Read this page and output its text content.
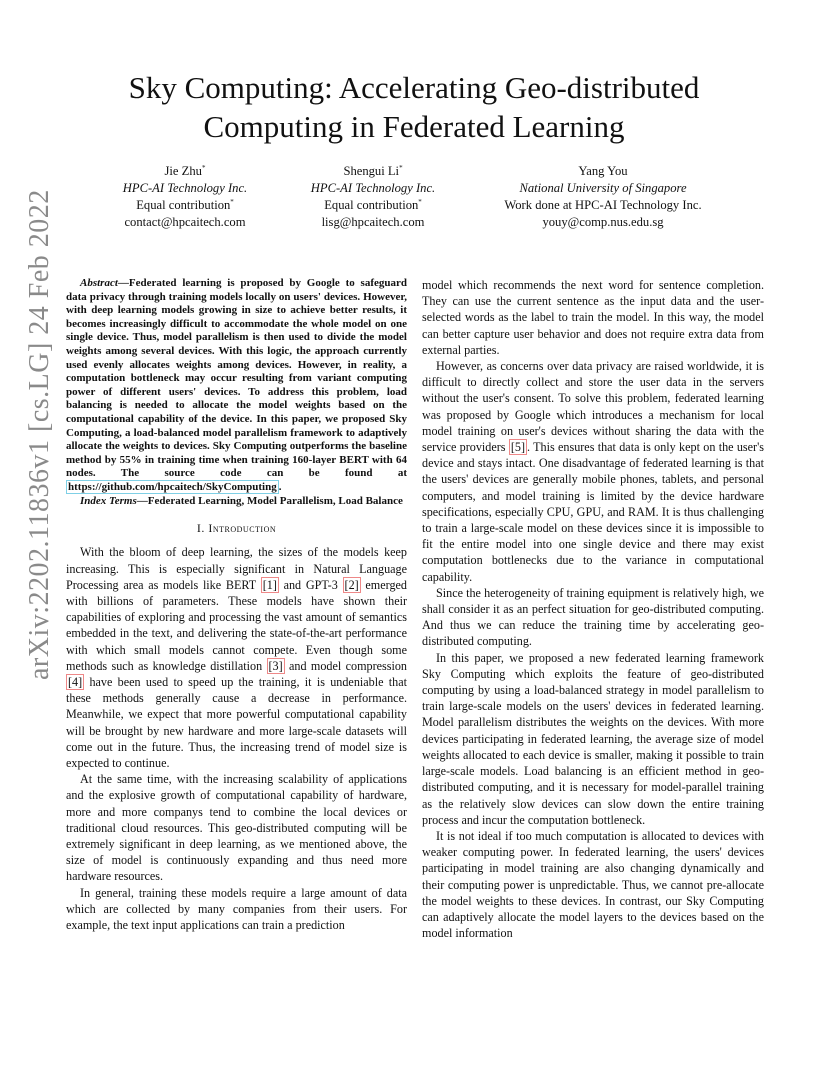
arXiv:2202.11836v1 [cs.LG] 24 Feb 2022
Sky Computing: Accelerating Geo-distributed Computing in Federated Learning
Jie Zhu*
HPC-AI Technology Inc.
Equal contribution*
contact@hpcaitech.com
Shengui Li*
HPC-AI Technology Inc.
Equal contribution*
lisg@hpcaitech.com
Yang You
National University of Singapore
Work done at HPC-AI Technology Inc.
youy@comp.nus.edu.sg

Abstract—Federated learning is proposed by Google to safeguard data privacy through training models locally on users' devices. However, with deep learning models growing in size to achieve better results, it becomes increasingly difficult to accommodate the whole model on one single device. Thus, model parallelism is then used to divide the model weights among several devices. With this logic, the approach currently used evenly allocates weights among devices. However, in reality, a computation bottleneck may occur resulting from variant computing power of different users' devices. To address this problem, load balancing is needed to allocate the model weights based on the computational capability of the device. In this paper, we proposed Sky Computing, a load-balanced model parallelism framework to adaptively allocate the weights to devices. Sky Computing outperforms the baseline method by 55% in training time when training 160-layer BERT with 64 nodes. The source code can be found at https://github.com/hpcaitech/SkyComputing .

Index Terms—Federated Learning, Model Parallelism, Load Balance

I. Introduction

With the bloom of deep learning, the sizes of the models keep increasing. This is especially significant in Natural Language Processing area as models like BERT [1] and GPT-3 [2] emerged with billions of parameters. These models have shown their capabilities of exploring and processing the vast amount of semantics embedded in the text, and delivering the state-of-the-art performance with which small models cannot compete. Even though some methods such as knowledge distillation [3] and model compression [4] have been used to speed up the training, it is undeniable that these methods generally cause a decrease in performance. Meanwhile, we expect that more powerful computational capability will be brought by new hardware and more large-scale datasets will come out in the future. Thus, the increasing trend of model size is expected to continue.

At the same time, with the increasing scalability of applications and the explosive growth of computational capability of hardware, more and more companys tend to combine the local devices or traditional cloud resources. This geo-distributed computing will be extremely significant in deep learning, as we mentioned above, the size of model is continuously expanding and thus need more hardware resources.

In general, training these models require a large amount of data which are collected by many companies from their users. For example, the text input applications can train a prediction

model which recommends the next word for sentence completion. They can use the current sentence as the input data and the user-selected words as the label to train the model. In this way, the model can better capture user behavior and does not require extra data from external parties.

However, as concerns over data privacy are raised worldwide, it is difficult to directly collect and store the user data in the servers without the user's consent. To solve this problem, federated learning was proposed by Google which introduces a mechanism for local model training on user's devices without sharing the data with the service providers [5] . This ensures that data is only kept on the user's device and stays intact. One disadvantage of federated learning is that the users' devices are generally mobile phones, tablets, and personal computers, and model training is limited by the device hardware specifications, especially CPU, GPU, and RAM. It is thus challenging to train a large-scale model on these devices since it is impossible to fit the entire model into one single device and there may exist computation bottlenecks due to the variance in computational capability.

Since the heterogeneity of training equipment is relatively high, we shall consider it as an perfect situation for geo-distributed computing. And thus we can reduce the training time by accelerating geo-distributed computing.

In this paper, we proposed a new federated learning framework Sky Computing which exploits the feature of geo-distributed computing by using a load-balanced strategy in model parallelism to train large-scale models on the users' devices in federated learning. Model parallelism distributes the weights on the devices. With more devices participating in federated learning, the average size of model weights allocated to each device is smaller, making it possible to train large-scale models. Load balancing is an efficient method in geo-distributed computing, and it is necessary for model-parallel training as the relatively slow devices can slow down the entire training process and incur the computation bottleneck.

It is not ideal if too much computation is allocated to devices with weaker computing power. In federated learning, the users' devices participating in model training are also changing dynamically and their computing power is unpredictable. Thus, we cannot pre-allocate the model weights to these devices. In contrast, our Sky Computing can adaptively allocate the model layers to the devices based on the model information
